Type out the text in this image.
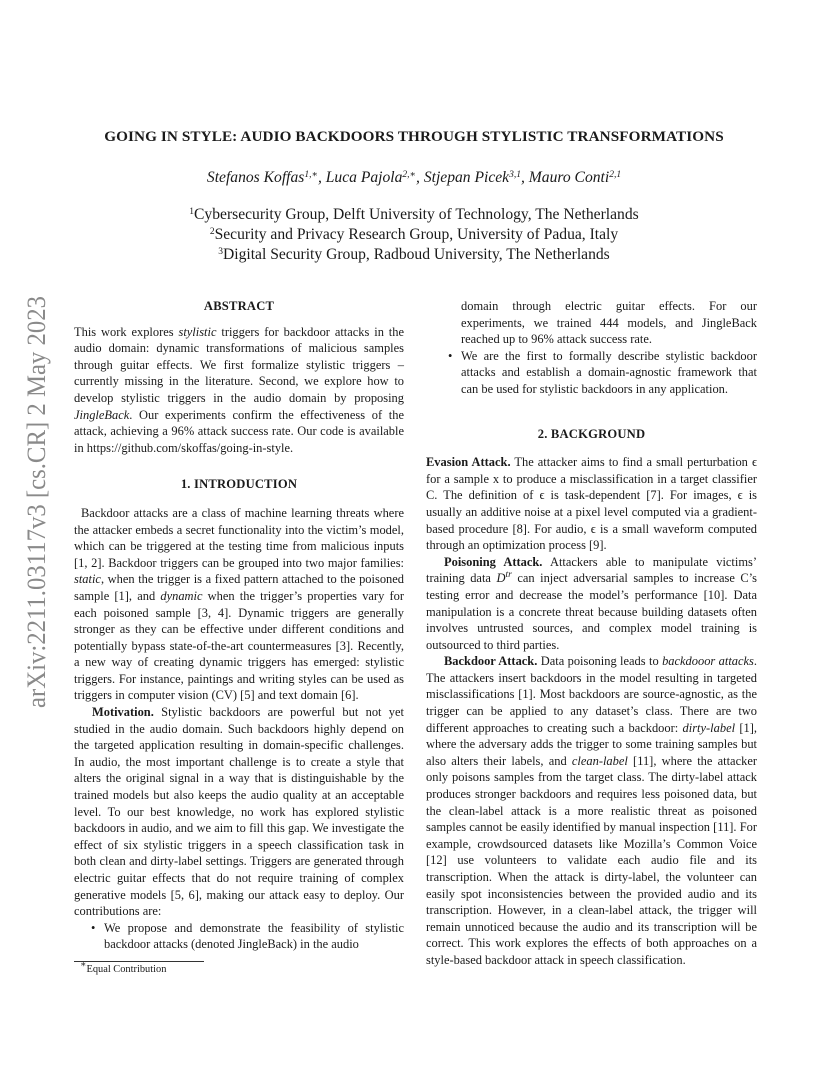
arXiv:2211.03117v3 [cs.CR] 2 May 2023
GOING IN STYLE: AUDIO BACKDOORS THROUGH STYLISTIC TRANSFORMATIONS
Stefanos Koffas$^{1,∗}$, Luca Pajola$^{2,∗}$, Stjepan Picek$^{3,1}$, Mauro Conti$^{2,1}$
$^1$Cybersecurity Group, Delft University of Technology, The Netherlands
$^2$Security and Privacy Research Group, University of Padua, Italy
$^3$Digital Security Group, Radboud University, The Netherlands
ABSTRACT

This work explores stylistic triggers for backdoor attacks in the audio domain: dynamic transformations of malicious samples through guitar effects. We first formalize stylistic triggers – currently missing in the literature. Second, we explore how to develop stylistic triggers in the audio domain by proposing JingleBack. Our experiments confirm the effectiveness of the attack, achieving a 96% attack success rate. Our code is available in https://github.com/skoffas/going-in-style.

1. INTRODUCTION

Backdoor attacks are a class of machine learning threats where the attacker embeds a secret functionality into the victim’s model, which can be triggered at the testing time from malicious inputs [1, 2]. Backdoor triggers can be grouped into two major families: static, when the trigger is a fixed pattern attached to the poisoned sample [1], and dynamic when the trigger’s properties vary for each poisoned sample [3, 4]. Dynamic triggers are generally stronger as they can be effective under different conditions and potentially bypass state-of-the-art countermeasures [3]. Recently, a new way of creating dynamic triggers has emerged: stylistic triggers. For instance, paintings and writing styles can be used as triggers in computer vision (CV) [5] and text domain [6].

Motivation. Stylistic backdoors are powerful but not yet studied in the audio domain. Such backdoors highly depend on the targeted application resulting in domain-specific challenges. In audio, the most important challenge is to create a style that alters the original signal in a way that is distinguishable by the trained models but also keeps the audio quality at an acceptable level. To our best knowledge, no work has explored stylistic backdoors in audio, and we aim to fill this gap. We investigate the effect of six stylistic triggers in a speech classification task in both clean and dirty-label settings. Triggers are generated through electric guitar effects that do not require training of complex generative models [5, 6], making our attack easy to deploy. Our contributions are:

• We propose and demonstrate the feasibility of stylistic backdoor attacks (denoted JingleBack) in the audio
∗Equal Contribution
domain through electric guitar effects. For our experiments, we trained 444 models, and JingleBack reached up to 96% attack success rate.
• We are the first to formally describe stylistic backdoor attacks and establish a domain-agnostic framework that can be used for stylistic backdoors in any application.
2. BACKGROUND

Evasion Attack. The attacker aims to find a small perturbation ϵ for a sample x to produce a misclassification in a target classifier C. The definition of ϵ is task-dependent [7]. For images, ϵ is usually an additive noise at a pixel level computed via a gradient-based procedure [8]. For audio, ϵ is a small waveform computed through an optimization process [9].

Poisoning Attack. Attackers able to manipulate victims’ training data $D^{tr}$ can inject adversarial samples to increase C’s testing error and decrease the model’s performance [10]. Data manipulation is a concrete threat because building datasets often involves untrusted sources, and complex model training is outsourced to third parties.

Backdoor Attack. Data poisoning leads to backdooor attacks. The attackers insert backdoors in the model resulting in targeted misclassifications [1]. Most backdoors are source-agnostic, as the trigger can be applied to any dataset’s class. There are two different approaches to creating such a backdoor: dirty-label [1], where the adversary adds the trigger to some training samples but also alters their labels, and clean-label [11], where the attacker only poisons samples from the target class. The dirty-label attack produces stronger backdoors and requires less poisoned data, but the clean-label attack is a more realistic threat as poisoned samples cannot be easily identified by manual inspection [11]. For example, crowdsourced datasets like Mozilla’s Common Voice [12] use volunteers to validate each audio file and its transcription. When the attack is dirty-label, the volunteer can easily spot inconsistencies between the provided audio and its transcription. However, in a clean-label attack, the trigger will remain unnoticed because the audio and its transcription will be correct. This work explores the effects of both approaches on a style-based backdoor attack in speech classification.
